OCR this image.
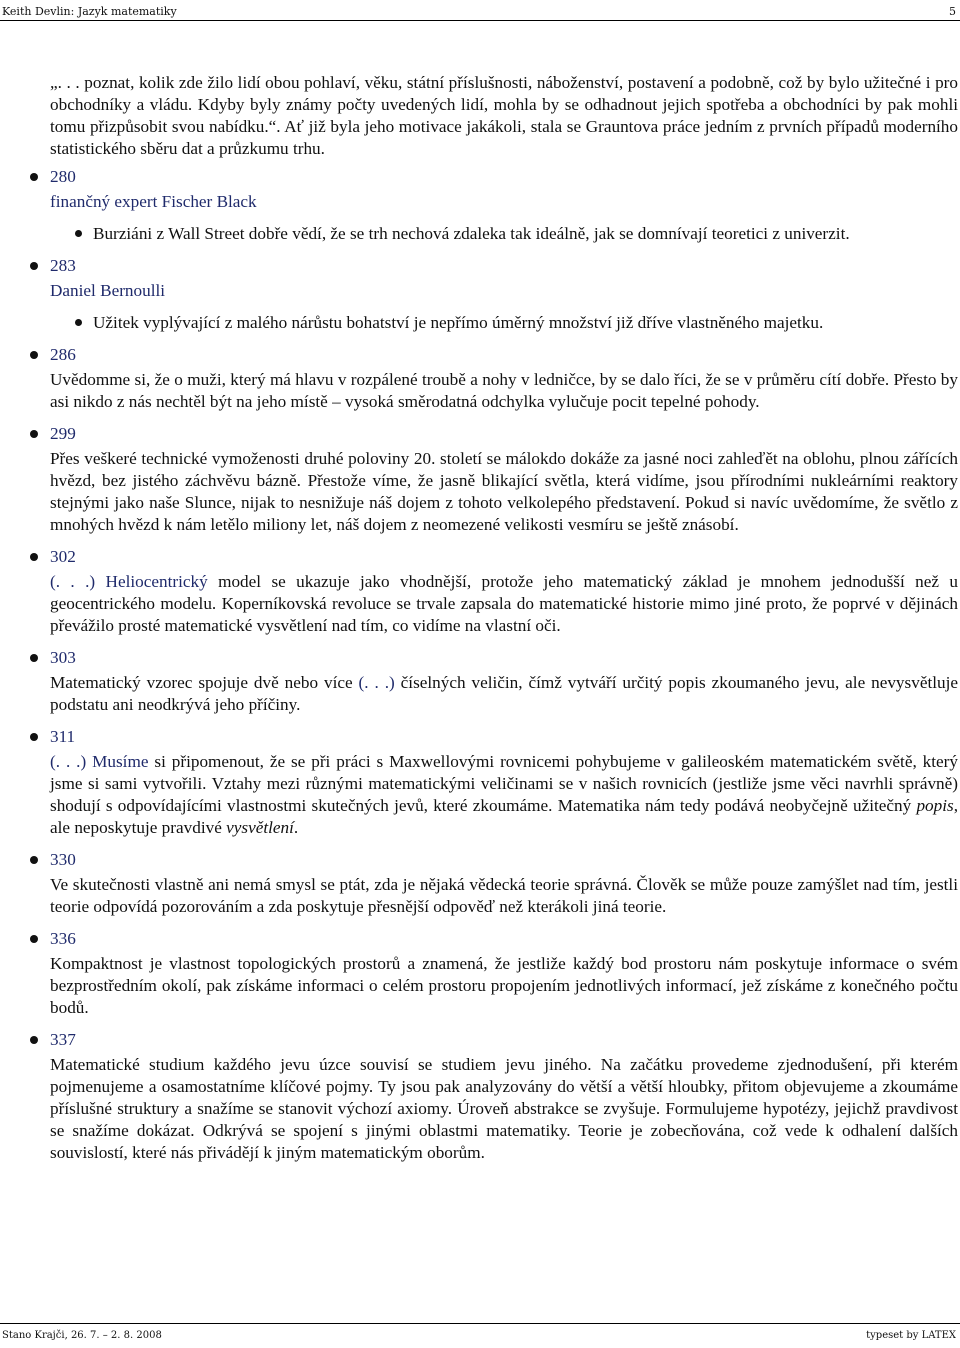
Keith Devlin: Jazyk matematiky	5

„. . . poznat, kolik zde žilo lidí obou pohlaví, věku, státní příslušnosti, náboženství, postavení a podobně, což by bylo užitečné i pro obchodníky a vládu. Kdyby byly známy počty uvedených lidí, mohla by se odhadnout jejich spotřeba a obchodníci by pak mohli tomu přizpůsobit svou nabídku.“. Ať již byla jeho motivace jakákoli, stala se Grauntova práce jedním z prvních případů moderního statistického sběru dat a průzkumu trhu.

280
finančný expert Fischer Black
Burziáni z Wall Street dobře vědí, že se trh nechová zdaleka tak ideálně, jak se domnívají teoretici z univerzit.
283
Daniel Bernoulli
Užitek vyplývající z malého nárůstu bohatství je nepřímo úměrný množství již dříve vlastněného majetku.
286

Uvědomme si, že o muži, který má hlavu v rozpálené troubě a nohy v ledničce, by se dalo říci, že se v průměru cítí dobře. Přesto by asi nikdo z nás nechtěl být na jeho místě – vysoká směrodatná odchylka vylučuje pocit tepelné pohody.

299

Přes veškeré technické vymoženosti druhé poloviny 20. století se málokdo dokáže za jasné noci zahleďět na oblohu, plnou zářících hvězd, bez jistého záchvěvu bázně. Přestože víme, že jasně blikající světla, která vidíme, jsou přírodními nukleárními reaktory stejnými jako naše Slunce, nijak to nesnižuje náš dojem z tohoto velkolepého představení. Pokud si navíc uvědomíme, že světlo z mnohých hvězd k nám letělo miliony let, náš dojem z neomezené velikosti vesmíru se ještě znásobí.

302

(. . .) Heliocentrický model se ukazuje jako vhodnější, protože jeho matematický základ je mnohem jednodušší než u geocentrického modelu. Koperníkovská revoluce se trvale zapsala do matematické historie mimo jiné proto, že poprvé v dějinách převážilo prosté matematické vysvětlení nad tím, co vidíme na vlastní oči.

303

Matematický vzorec spojuje dvě nebo více (. . .) číselných veličin, čímž vytváří určitý popis zkoumaného jevu, ale nevysvětluje podstatu ani neodkrývá jeho příčiny.

311

(. . .) Musíme si připomenout, že se při práci s Maxwellovými rovnicemi pohybujeme v galileoském matematickém světě, který jsme si sami vytvořili. Vztahy mezi různými matematickými veličinami se v našich rovnicích (jestliže jsme věci navrhli správně) shodují s odpovídajícími vlastnostmi skutečných jevů, které zkoumáme. Matematika nám tedy podává neobyčejně užitečný popis, ale neposkytuje pravdivé vysvětlení.

330

Ve skutečnosti vlastně ani nemá smysl se ptát, zda je nějaká vědecká teorie správná. Člověk se může pouze zamýšlet nad tím, jestli teorie odpovídá pozorováním a zda poskytuje přesnější odpověď než kterákoli jiná teorie.

336

Kompaktnost je vlastnost topologických prostorů a znamená, že jestliže každý bod prostoru nám poskytuje informace o svém bezprostředním okolí, pak získáme informaci o celém prostoru propojením jednotlivých informací, jež získáme z konečného počtu bodů.

337

Matematické studium každého jevu úzce souvisí se studiem jevu jiného. Na začátku provedeme zjednodušení, při kterém pojmenujeme a osamostatníme klíčové pojmy. Ty jsou pak analyzovány do větší a větší hloubky, přitom objevujeme a zkoumáme příslušné struktury a snažíme se stanovit výchozí axiomy. Úroveň abstrakce se zvyšuje. Formulujeme hypotézy, jejichž pravdivost se snažíme dokázat. Odkrývá se spojení s jinými oblastmi matematiky. Teorie je zobecňována, což vede k odhalení dalších souvislostí, které nás přivádějí k jiným matematickým oborům.

Stano Krajči, 26. 7. – 2. 8. 2008	typeset by LATEX
